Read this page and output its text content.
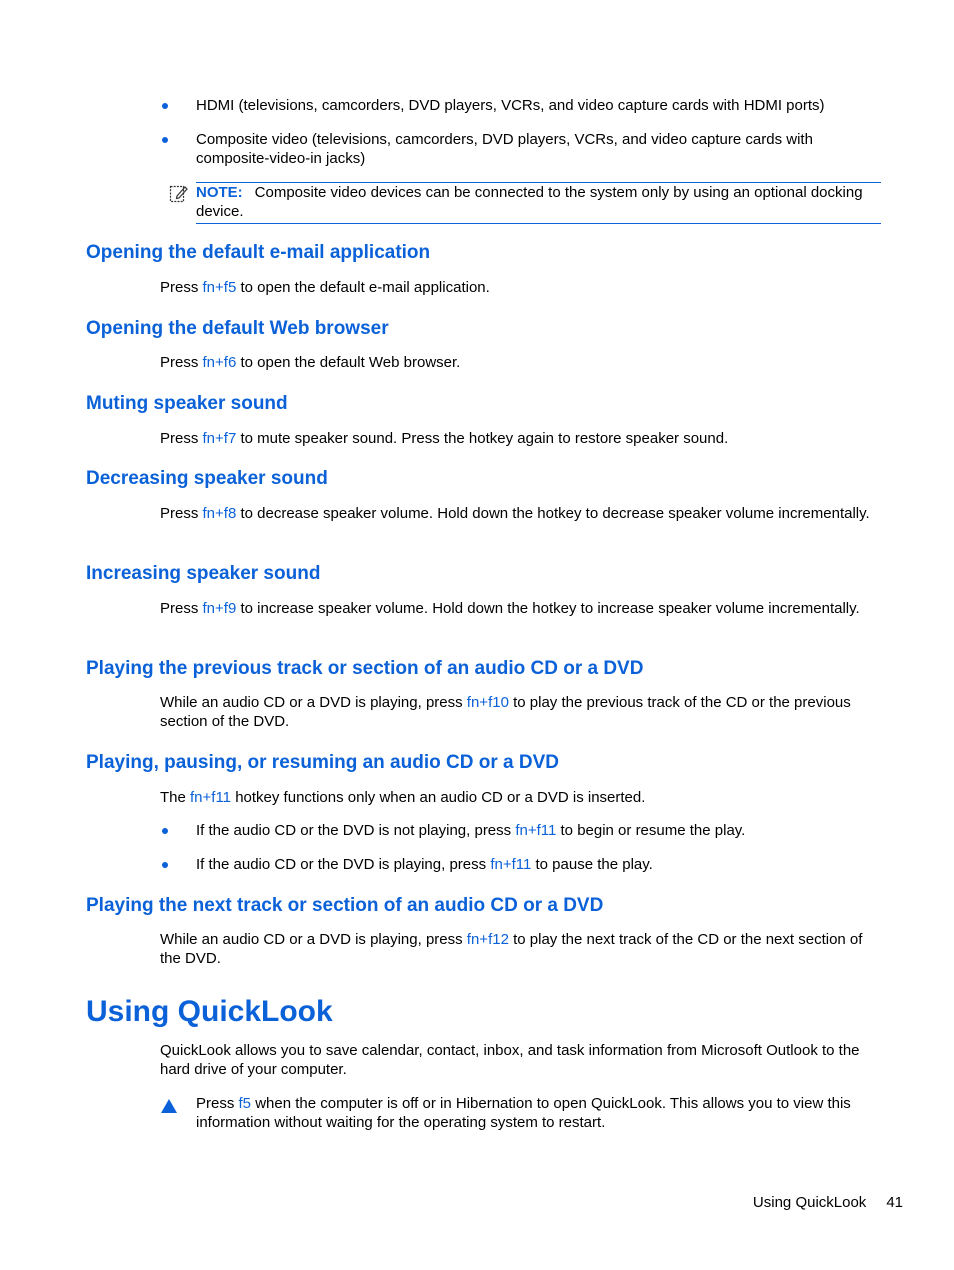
HDMI (televisions, camcorders, DVD players, VCRs, and video capture cards with HDMI ports)

Composite video (televisions, camcorders, DVD players, VCRs, and video capture cards with composite-video-in jacks)

NOTE: Composite video devices can be connected to the system only by using an optional docking device.

Opening the default e-mail application

Press fn+f5 to open the default e-mail application.

Opening the default Web browser

Press fn+f6 to open the default Web browser.

Muting speaker sound

Press fn+f7 to mute speaker sound. Press the hotkey again to restore speaker sound.

Decreasing speaker sound

Press fn+f8 to decrease speaker volume. Hold down the hotkey to decrease speaker volume incrementally.

Increasing speaker sound

Press fn+f9 to increase speaker volume. Hold down the hotkey to increase speaker volume incrementally.

Playing the previous track or section of an audio CD or a DVD

While an audio CD or a DVD is playing, press fn+f10 to play the previous track of the CD or the previous section of the DVD.

Playing, pausing, or resuming an audio CD or a DVD

The fn+f11 hotkey functions only when an audio CD or a DVD is inserted.

If the audio CD or the DVD is not playing, press fn+f11 to begin or resume the play.

If the audio CD or the DVD is playing, press fn+f11 to pause the play.

Playing the next track or section of an audio CD or a DVD

While an audio CD or a DVD is playing, press fn+f12 to play the next track of the CD or the next section of the DVD.

Using QuickLook

QuickLook allows you to save calendar, contact, inbox, and task information from Microsoft Outlook to the hard drive of your computer.

Press f5 when the computer is off or in Hibernation to open QuickLook. This allows you to view this information without waiting for the operating system to restart.

Using QuickLook 41
